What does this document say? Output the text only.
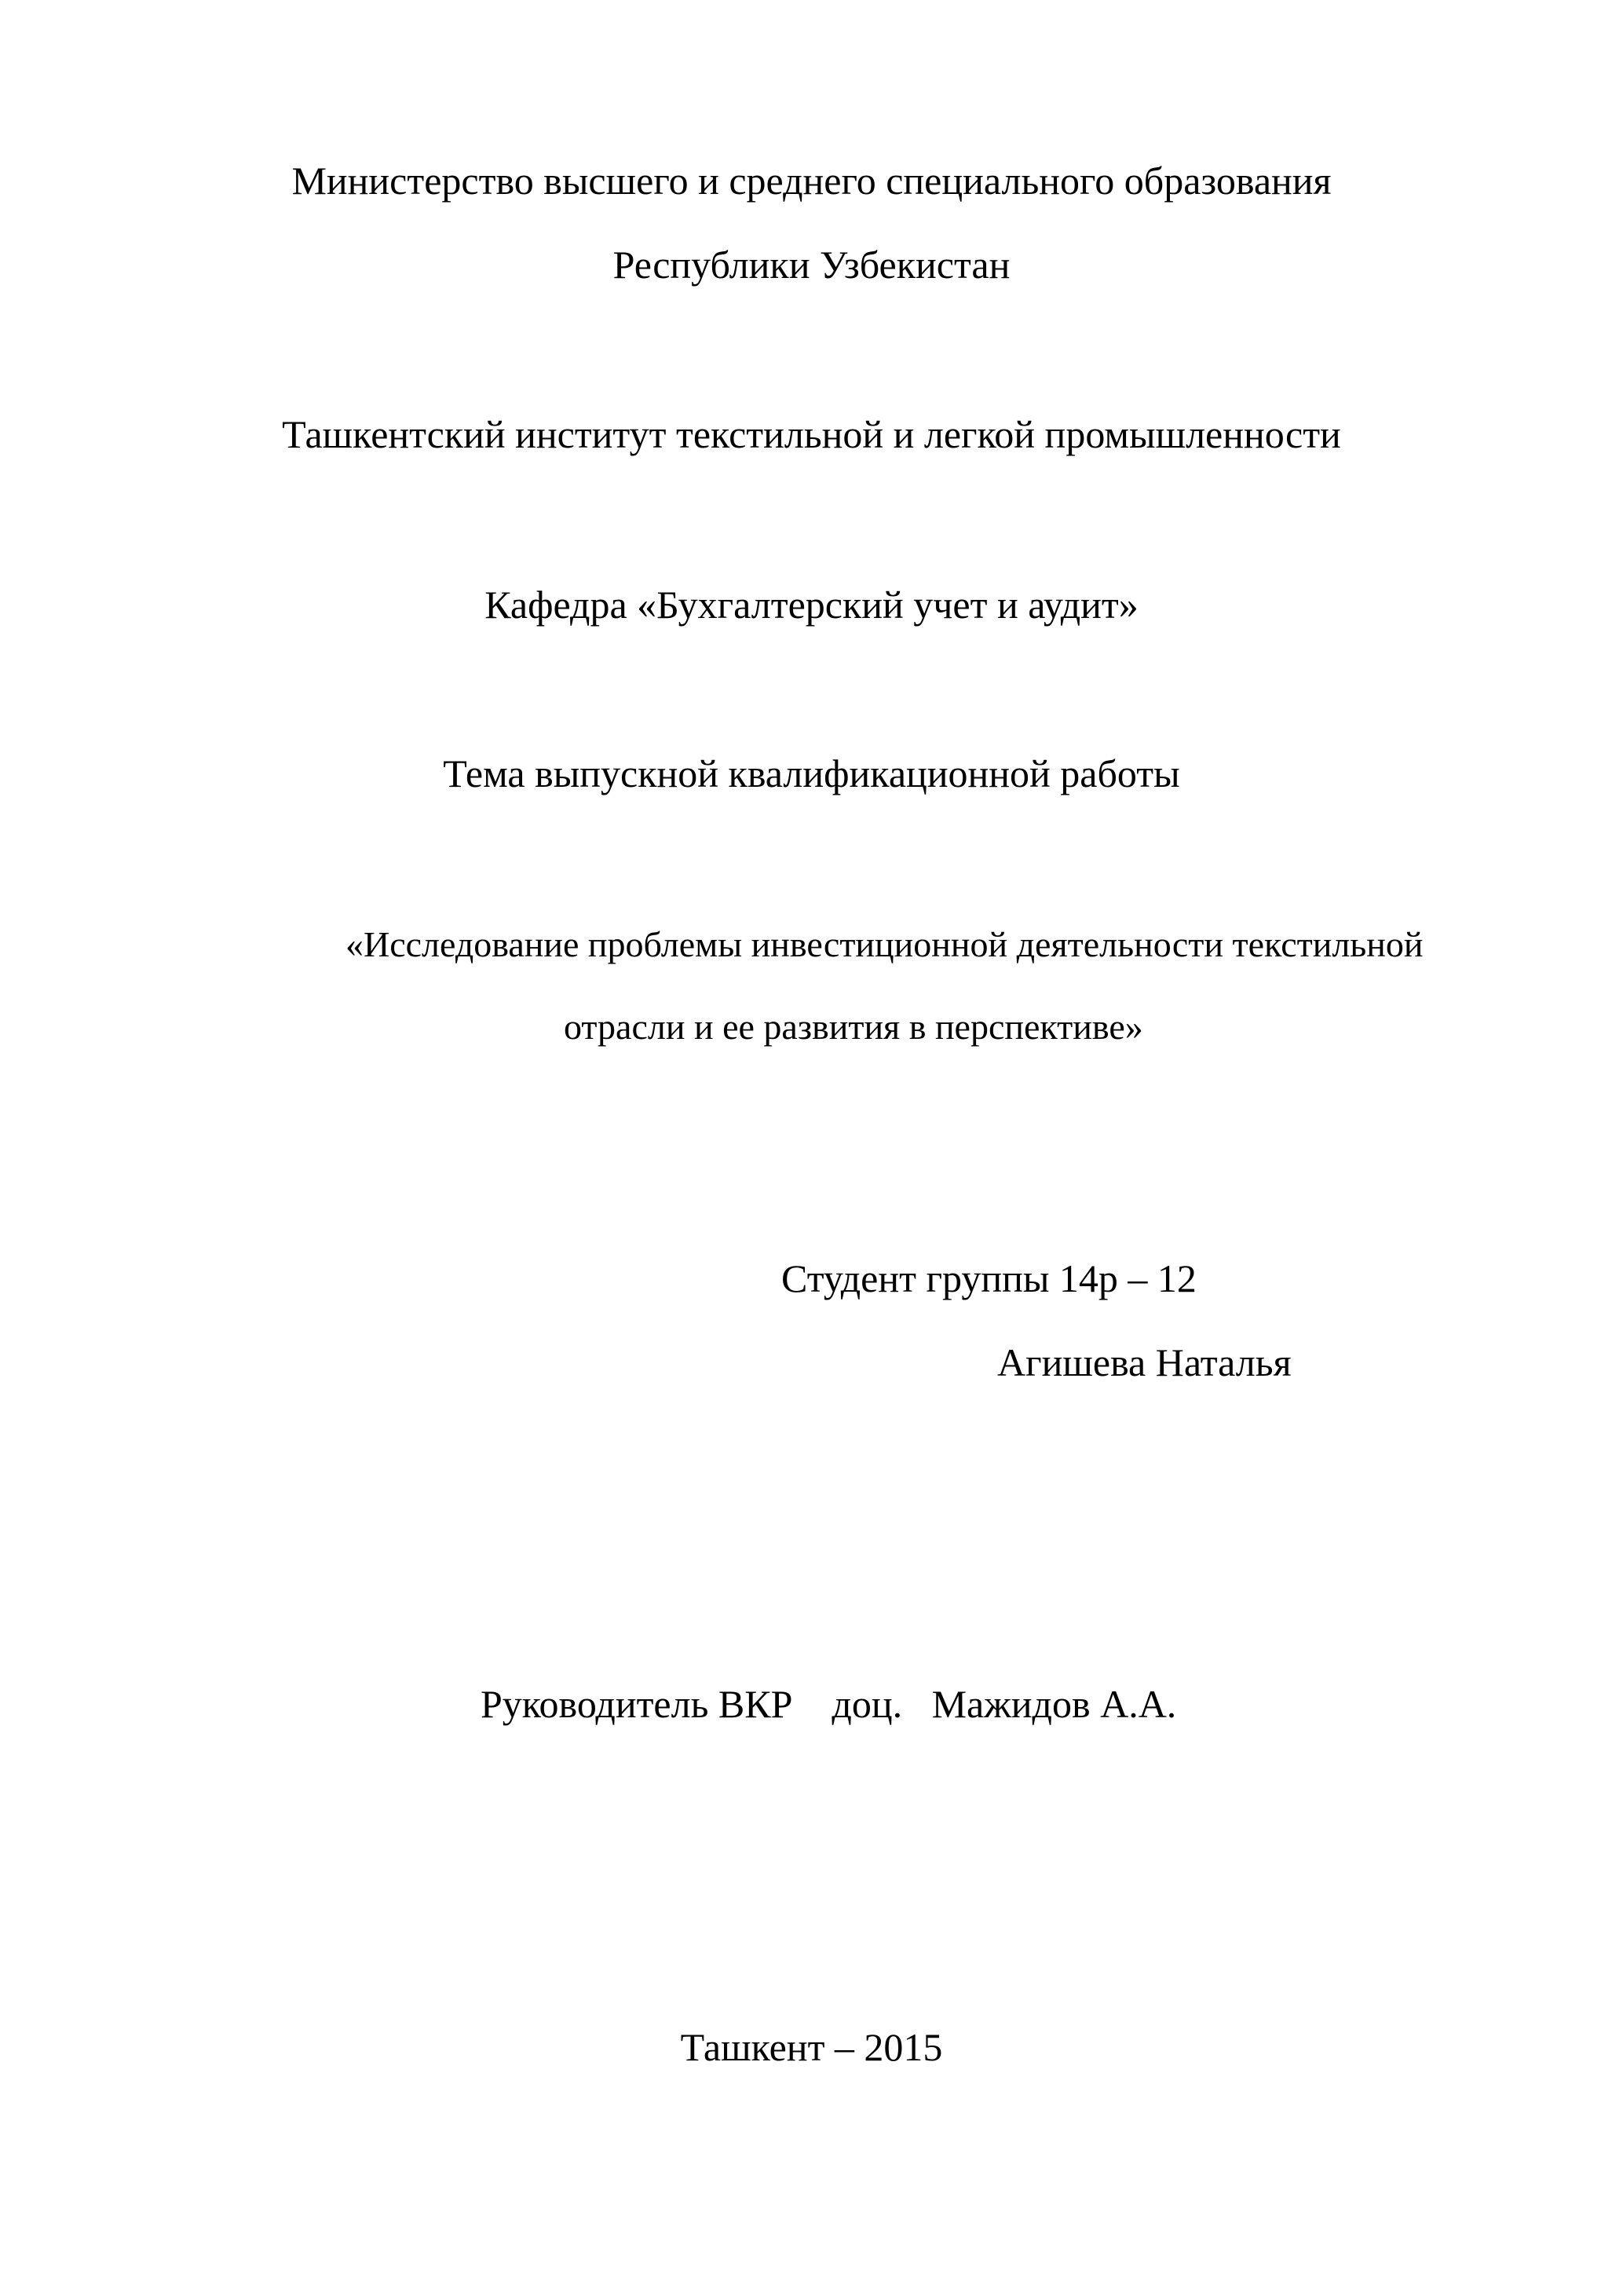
Министерство высшего и среднего специального образования
Республики Узбекистан
Ташкентский институт текстильной и легкой промышленности
Кафедра «Бухгалтерский учет и аудит»
Тема выпускной квалификационной работы
«Исследование проблемы инвестиционной деятельности текстильной
отрасли и ее развития в перспективе»
Студент группы 14р – 12
Агишева Наталья
Руководитель ВКР    доц.   Мажидов А.А.
Ташкент – 2015
